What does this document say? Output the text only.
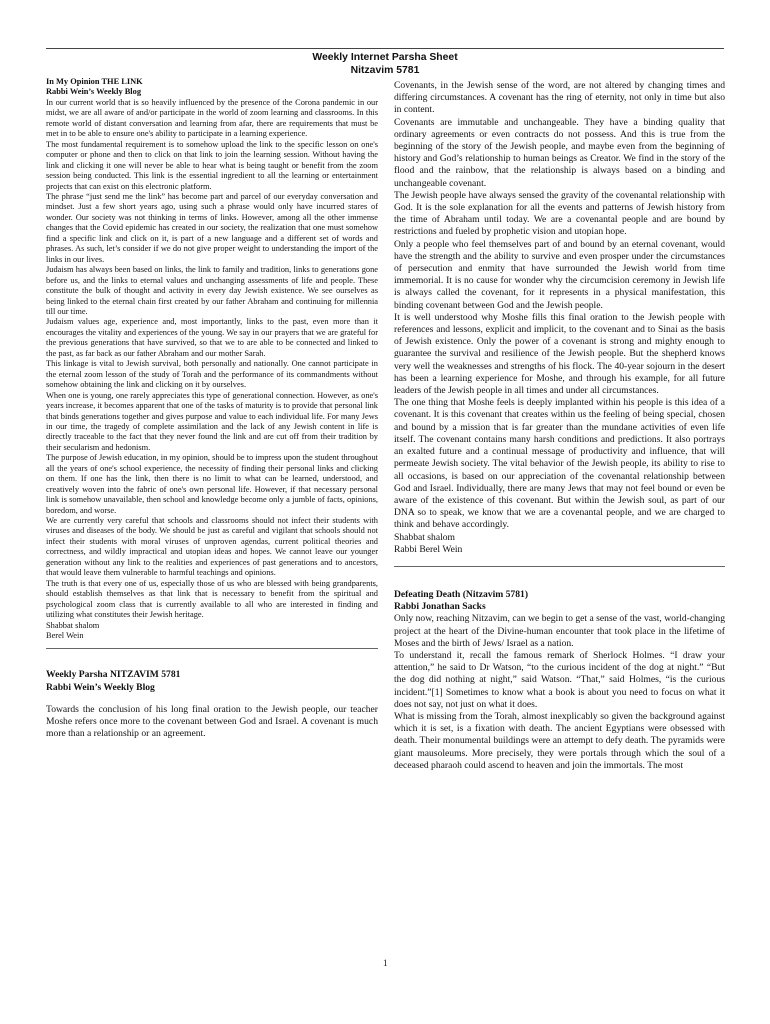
Weekly Internet Parsha Sheet
Nitzavim 5781

In My Opinion THE LINK

Rabbi Wein’s Weekly Blog

In our current world that is so heavily influenced by the presence of the Corona pandemic in our midst, we are all aware of and/or participate in the world of zoom learning and classrooms. In this remote world of distant conversation and learning from afar, there are requirements that must be met in to be able to ensure one's ability to participate in a learning experience.

The most fundamental requirement is to somehow upload the link to the specific lesson on one's computer or phone and then to click on that link to join the learning session. Without having the link and clicking it one will never be able to hear what is being taught or benefit from the zoom session being conducted. This link is the essential ingredient to all the learning or entertainment projects that can exist on this electronic platform.

The phrase “just send me the link” has become part and parcel of our everyday conversation and mindset. Just a few short years ago, using such a phrase would only have incurred stares of wonder. Our society was not thinking in terms of links. However, among all the other immense changes that the Covid epidemic has created in our society, the realization that one must somehow find a specific link and click on it, is part of a new language and a different set of words and phrases. As such, let’s consider if we do not give proper weight to understanding the import of the links in our lives.

Judaism has always been based on links, the link to family and tradition, links to generations gone before us, and the links to eternal values and unchanging assessments of life and people. These constitute the bulk of thought and activity in every day Jewish existence. We see ourselves as being linked to the eternal chain first created by our father Abraham and continuing for millennia till our time.

Judaism values age, experience and, most importantly, links to the past, even more than it encourages the vitality and experiences of the young. We say in our prayers that we are grateful for the previous generations that have survived, so that we to are able to be connected and linked to the past, as far back as our father Abraham and our mother Sarah.

This linkage is vital to Jewish survival, both personally and nationally. One cannot participate in the eternal zoom lesson of the study of Torah and the performance of its commandments without somehow obtaining the link and clicking on it by ourselves.

When one is young, one rarely appreciates this type of generational connection. However, as one's years increase, it becomes apparent that one of the tasks of maturity is to provide that personal link that binds generations together and gives purpose and value to each individual life. For many Jews in our time, the tragedy of complete assimilation and the lack of any Jewish content in life is directly traceable to the fact that they never found the link and are cut off from their tradition by their secularism and hedonism.

The purpose of Jewish education, in my opinion, should be to impress upon the student throughout all the years of one's school experience, the necessity of finding their personal links and clicking on them. If one has the link, then there is no limit to what can be learned, understood, and creatively woven into the fabric of one's own personal life. However, if that necessary personal link is somehow unavailable, then school and knowledge become only a jumble of facts, opinions, boredom, and worse.

We are currently very careful that schools and classrooms should not infect their students with viruses and diseases of the body. We should be just as careful and vigilant that schools should not infect their students with moral viruses of unproven agendas, current political theories and correctness, and wildly impractical and utopian ideas and hopes. We cannot leave our younger generation without any link to the realities and experiences of past generations and to ancestors, that would leave them vulnerable to harmful teachings and opinions.

The truth is that every one of us, especially those of us who are blessed with being grandparents, should establish themselves as that link that is necessary to benefit from the spiritual and psychological zoom class that is currently available to all who are interested in finding and utilizing what constitutes their Jewish heritage.

Shabbat shalom

Berel Wein

Weekly Parsha NITZAVIM 5781

Rabbi Wein’s Weekly Blog

Towards the conclusion of his long final oration to the Jewish people, our teacher Moshe refers once more to the covenant between God and Israel. A covenant is much more than a relationship or an agreement.

Covenants, in the Jewish sense of the word, are not altered by changing times and differing circumstances. A covenant has the ring of eternity, not only in time but also in content.

Covenants are immutable and unchangeable. They have a binding quality that ordinary agreements or even contracts do not possess. And this is true from the beginning of the story of the Jewish people, and maybe even from the beginning of history and God’s relationship to human beings as Creator. We find in the story of the flood and the rainbow, that the relationship is always based on a binding and unchangeable covenant.

The Jewish people have always sensed the gravity of the covenantal relationship with God. It is the sole explanation for all the events and patterns of Jewish history from the time of Abraham until today. We are a covenantal people and are bound by restrictions and fueled by prophetic vision and utopian hope.

Only a people who feel themselves part of and bound by an eternal covenant, would have the strength and the ability to survive and even prosper under the circumstances of persecution and enmity that have surrounded the Jewish world from time immemorial. It is no cause for wonder why the circumcision ceremony in Jewish life is always called the covenant, for it represents in a physical manifestation, this binding covenant between God and the Jewish people.

It is well understood why Moshe fills this final oration to the Jewish people with references and lessons, explicit and implicit, to the covenant and to Sinai as the basis of Jewish existence. Only the power of a covenant is strong and mighty enough to guarantee the survival and resilience of the Jewish people. But the shepherd knows very well the weaknesses and strengths of his flock. The 40-year sojourn in the desert has been a learning experience for Moshe, and through his example, for all future leaders of the Jewish people in all times and under all circumstances.

The one thing that Moshe feels is deeply implanted within his people is this idea of a covenant. It is this covenant that creates within us the feeling of being special, chosen and bound by a mission that is far greater than the mundane activities of even life itself. The covenant contains many harsh conditions and predictions. It also portrays an exalted future and a continual message of productivity and influence, that will permeate Jewish society. The vital behavior of the Jewish people, its ability to rise to all occasions, is based on our appreciation of the covenantal relationship between God and Israel. Individually, there are many Jews that may not feel bound or even be aware of the existence of this covenant. But within the Jewish soul, as part of our DNA so to speak, we know that we are a covenantal people, and we are charged to think and behave accordingly.

Shabbat shalom

Rabbi Berel Wein

Defeating Death (Nitzavim 5781)

Rabbi Jonathan Sacks

Only now, reaching Nitzavim, can we begin to get a sense of the vast, world-changing project at the heart of the Divine-human encounter that took place in the lifetime of Moses and the birth of Jews/ Israel as a nation.

To understand it, recall the famous remark of Sherlock Holmes. “I draw your attention,” he said to Dr Watson, “to the curious incident of the dog at night.” “But the dog did nothing at night,” said Watson. “That,” said Holmes, “is the curious incident.”[1] Sometimes to know what a book is about you need to focus on what it does not say, not just on what it does.

What is missing from the Torah, almost inexplicably so given the background against which it is set, is a fixation with death. The ancient Egyptians were obsessed with death. Their monumental buildings were an attempt to defy death. The pyramids were giant mausoleums. More precisely, they were portals through which the soul of a deceased pharaoh could ascend to heaven and join the immortals. The most

1
